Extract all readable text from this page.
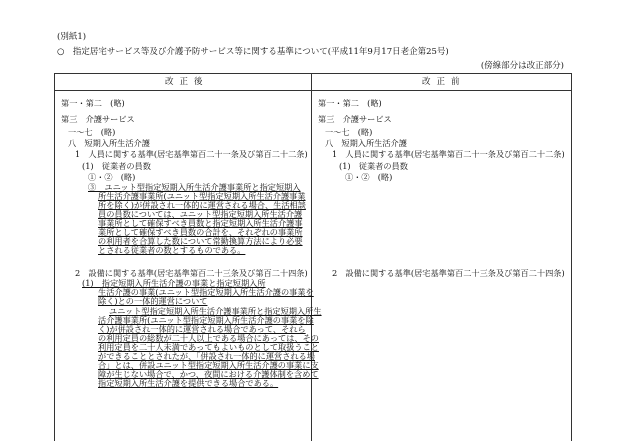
(別紙1)
○　指定居宅サービス等及び介護予防サービス等に関する基準について(平成11年9月17日老企第25号)
(傍線部分は改正部分)
改正後	改正前
第一・第二　(略)
第三　介護サービス
一～七　(略)
八　短期入所生活介護
1　人員に関する基準(居宅基準第百二十一条及び第百二十二条)
(1)　従業者の員数
①・②　(略)
③　ユニット型指定短期入所生活介護事業所と指定短期入
所生活介護事業所(ユニット型指定短期入所生活介護事業
所を除く)が併設され一体的に運営される場合、生活相談
員の員数については、ユニット型指定短期入所生活介護
事業所として確保すべき員数と指定短期入所生活介護事
業所として確保すべき員数の合計を、それぞれの事業所
の利用者を合算した数について常勤換算方法により必要
とされる従業者の数とするものである。
2　設備に関する基準(居宅基準第百二十三条及び第百二十四条)
(1)　指定短期入所生活介護の事業と指定短期入所
生活介護の事業(ユニット型指定短期入所生活介護の事業を
除く)との一体的運営について
ユニット型指定短期入所生活介護事業所と指定短期入所生
活介護事業所(ユニット型指定短期入所生活介護の事業を除
く)が併設され一体的に運営される場合であって、それら
の利用定員の総数が二十人以上である場合にあっては、その
利用定員を二十人未満であってもよいものとして取扱うこと
ができることとされたが、「併設され一体的に運営される場
合」とは、併設ユニット型指定短期入所生活介護の事業に支
障が生じない場合で、かつ、夜間における介護体制を含めて
指定短期入所生活介護を提供できる場合である。
第一・第二　(略)
第三　介護サービス
一～七　(略)
八　短期入所生活介護
1　人員に関する基準(居宅基準第百二十一条及び第百二十二条)
(1)　従業者の員数
①・②　(略)
2　設備に関する基準(居宅基準第百二十三条及び第百二十四条)
